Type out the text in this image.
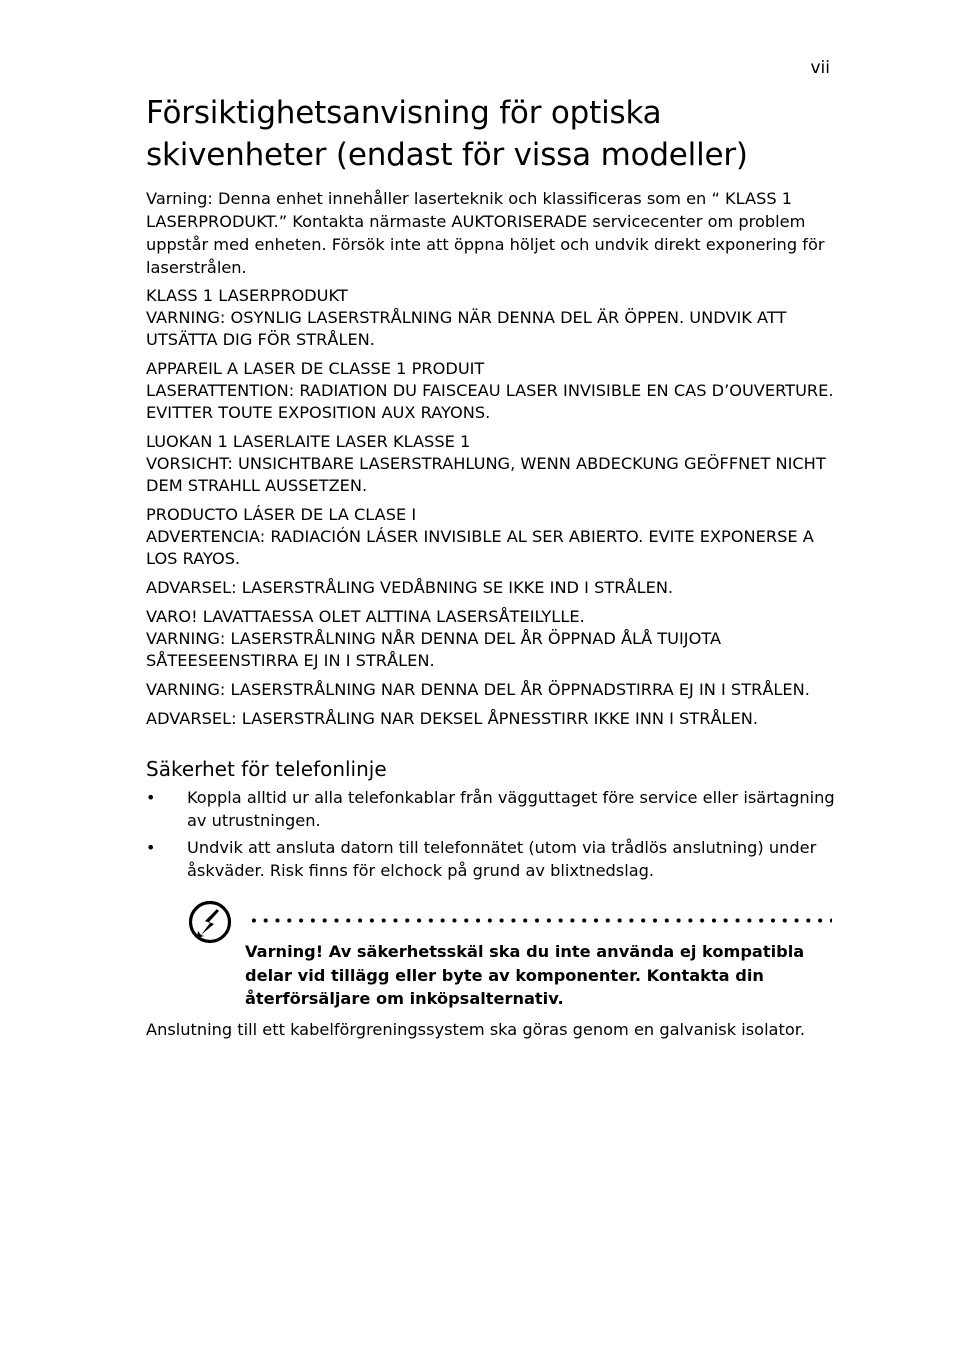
vii
Försiktighetsanvisning för optiska
skivenheter (endast för vissa modeller)

Varning: Denna enhet innehåller laserteknik och klassificeras som en “ KLASS 1 LASERPRODUKT.” Kontakta närmaste AUKTORISERADE servicecenter om problem uppstår med enheten. Försök inte att öppna höljet och undvik direkt exponering för laserstrålen.

KLASS 1 LASERPRODUKT
VARNING: OSYNLIG LASERSTRÅLNING NÄR DENNA DEL ÄR ÖPPEN. UNDVIK ATT UTSÄTTA DIG FÖR STRÅLEN.
APPAREIL A LASER DE CLASSE 1 PRODUIT
LASERATTENTION: RADIATION DU FAISCEAU LASER INVISIBLE EN CAS D’OUVERTURE. EVITTER TOUTE EXPOSITION AUX RAYONS.
LUOKAN 1 LASERLAITE LASER KLASSE 1
VORSICHT: UNSICHTBARE LASERSTRAHLUNG, WENN ABDECKUNG GEÖFFNET NICHT DEM STRAHLL AUSSETZEN.
PRODUCTO LÁSER DE LA CLASE I
ADVERTENCIA: RADIACIÓN LÁSER INVISIBLE AL SER ABIERTO. EVITE EXPONERSE A LOS RAYOS.
ADVARSEL: LASERSTRÅLING VEDÅBNING SE IKKE IND I STRÅLEN.
VARO! LAVATTAESSA OLET ALTTINA LASERSÅTEILYLLE.
VARNING: LASERSTRÅLNING NÅR DENNA DEL ÅR ÖPPNAD ÅLÅ TUIJOTA SÅTEESEENSTIRRA EJ IN I STRÅLEN.
VARNING: LASERSTRÅLNING NAR DENNA DEL ÅR ÖPPNADSTIRRA EJ IN I STRÅLEN.
ADVARSEL: LASERSTRÅLING NAR DEKSEL ÅPNESSTIRR IKKE INN I STRÅLEN.
Säkerhet för telefonlinje
• Koppla alltid ur alla telefonkablar från vägguttaget före service eller isärtagning av utrustningen.
• Undvik att ansluta datorn till telefonnätet (utom via trådlös anslutning) under åskväder. Risk finns för elchock på grund av blixtnedslag.
Varning! Av säkerhetsskäl ska du inte använda ej kompatibla delar vid tillägg eller byte av komponenter. Kontakta din återförsäljare om inköpsalternativ.

Anslutning till ett kabelförgreningssystem ska göras genom en galvanisk isolator.
